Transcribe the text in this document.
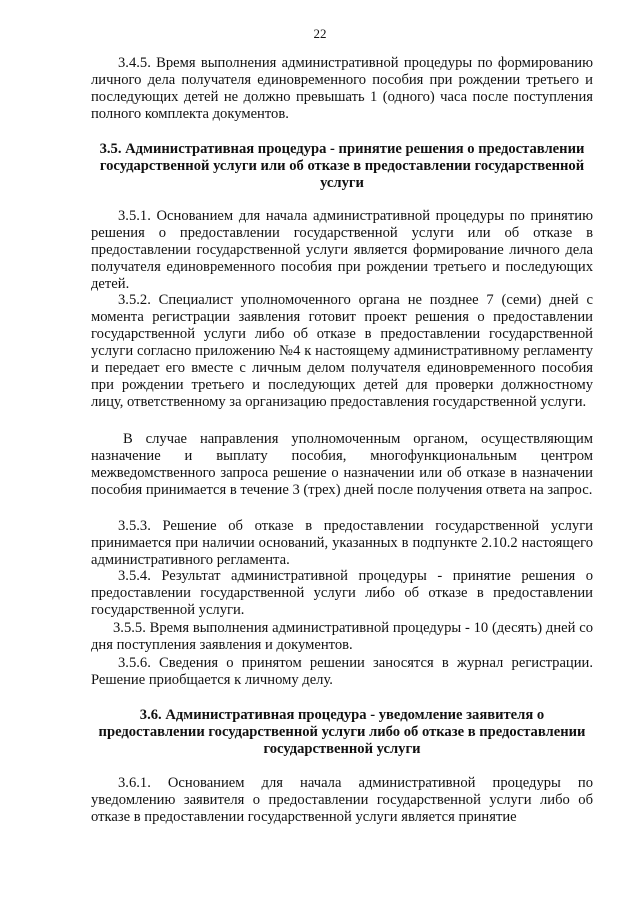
22
3.4.5. Время выполнения административной процедуры по формированию личного дела получателя единовременного пособия при рождении третьего и последующих детей не должно превышать 1 (одного) часа после поступления полного комплекта документов.
3.5. Административная процедура - принятие решения о предоставлении государственной услуги или об отказе в предоставлении государственной услуги
3.5.1. Основанием для начала административной процедуры по принятию решения о предоставлении государственной услуги или об отказе в предоставлении государственной услуги является формирование личного дела получателя единовременного пособия при рождении третьего и последующих детей.
3.5.2. Специалист уполномоченного органа не позднее 7 (семи) дней с момента регистрации заявления готовит проект решения о предоставлении государственной услуги либо об отказе в предоставлении государственной услуги согласно приложению №4 к настоящему административному регламенту и передает его вместе с личным делом получателя единовременного пособия при рождении третьего и последующих детей для проверки должностному лицу, ответственному за организацию предоставления государственной услуги.
В случае направления уполномоченным органом, осуществляющим назначение и выплату пособия, многофункциональным центром межведомственного запроса решение о назначении или об отказе в назначении пособия принимается в течение 3 (трех) дней после получения ответа на запрос.
3.5.3. Решение об отказе в предоставлении государственной услуги принимается при наличии оснований, указанных в подпункте 2.10.2 настоящего административного регламента.
3.5.4. Результат административной процедуры - принятие решения о предоставлении государственной услуги либо об отказе в предоставлении государственной услуги.
3.5.5. Время выполнения административной процедуры - 10 (десять) дней со дня поступления заявления и документов.
3.5.6. Сведения о принятом решении заносятся в журнал регистрации. Решение приобщается к личному делу.
3.6. Административная процедура - уведомление заявителя о предоставлении государственной услуги либо об отказе в предоставлении государственной услуги
3.6.1. Основанием для начала административной процедуры по уведомлению заявителя о предоставлении государственной услуги либо об отказе в предоставлении государственной услуги является принятие
